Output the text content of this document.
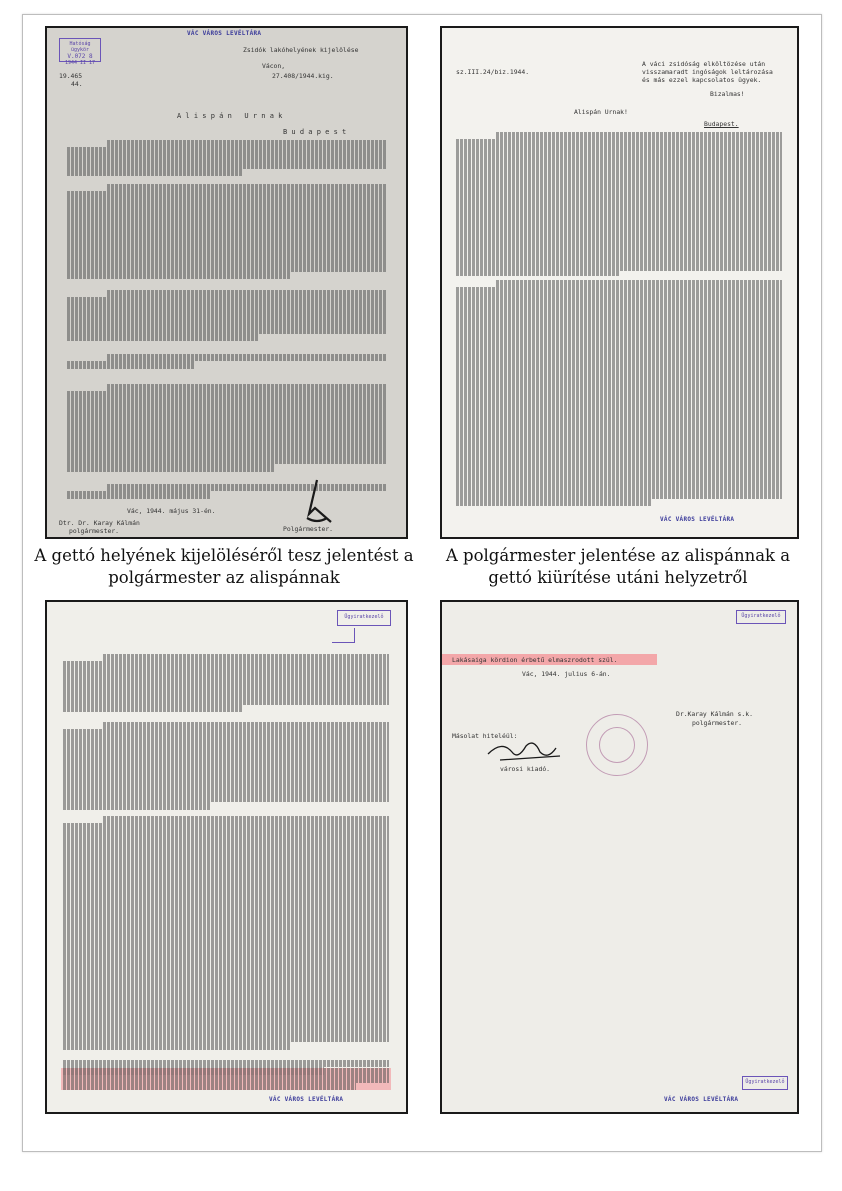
Hatóság ügykör
V.072 8
1944 II 17
VÁC VÁROS LEVÉLTÁRA
Zsidók lakóhelyének kijelölése
Vácon,
19.465
44.
27.408/1944.kig.
A l i s p á n   U r n a k
B u d a p e s t
Vác, 1944. május 31-én.
Dtr. Dr. Karay Kálmán
polgármester.	Polgármester.
A váci zsidóság elköltözése után
visszamaradt ingóságok leltározása
és más ezzel kapcsolatos ügyek.
sz.III.24/biz.1944.
Bizalmas!
Alispán Urnak!
Budapest.
VÁC VÁROS LEVÉLTÁRA
A gettó helyének kijelöléséről tesz jelentést a polgármester az alispánnak
A polgármester jelentése az alispánnak a gettó kiürítése utáni helyzetről
Ügyiratkezelő
VÁC VÁROS LEVÉLTÁRA
Ügyiratkezelő
Lakásaiga kördion érbetű elmaszrodott szül.
Vác, 1944. julius 6-án.
Dr.Karay Kálmán s.k.
polgármester.
Másolat hiteléül:
városi kiadó.
VÁC VÁROS LEVÉLTÁRA
Ügyiratkezelő
